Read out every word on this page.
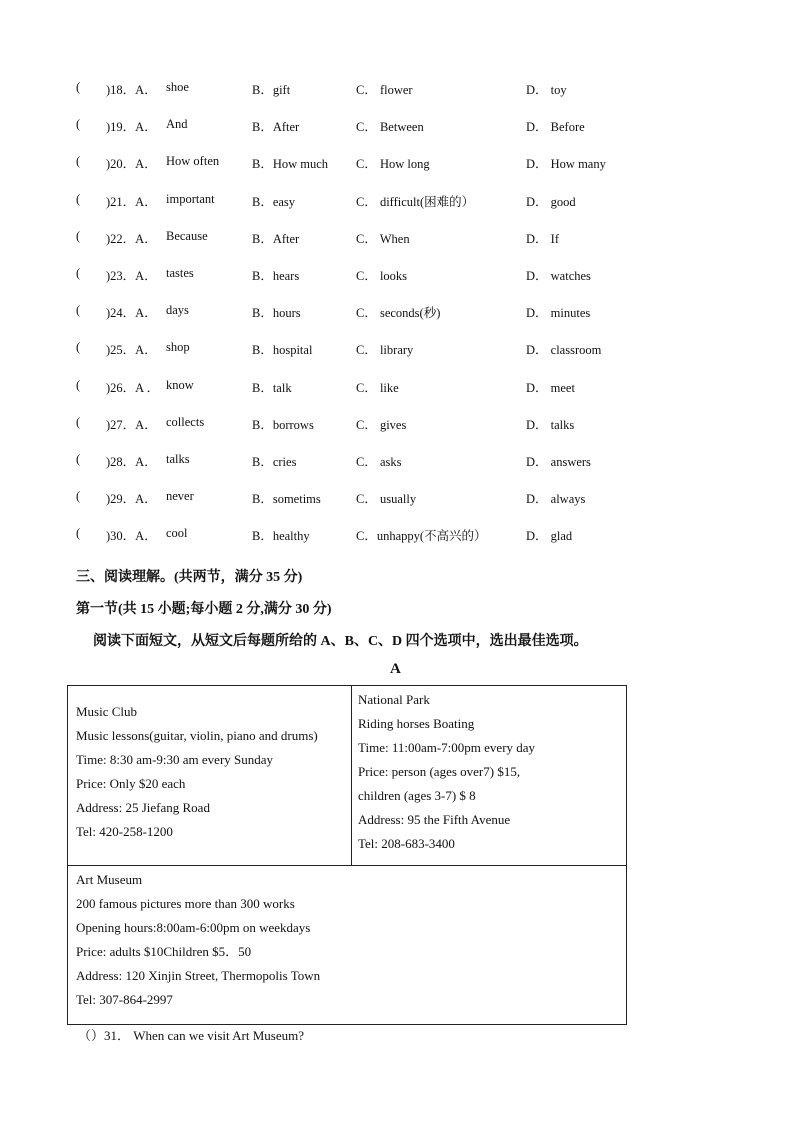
( )18．A． shoe	B．gift	C． flower	D． toy
( )19．A． And	B．After	C． Between	D． Before
( )20．A． How often	B．How much C． How long	D． How many
( )21．A． important	B．easy	C． difficult(困难的）	D． good
( )22．A． Because	B．After	C． When	D． If
( )23．A． tastes	B．hears	C． looks	D． watches
( )24．A． days	B．hours	C． seconds(秒)	D． minutes
( )25．A． shop	B．hospital	C． library	D． classroom
( )26．A ． know	B．talk	C． like	D． meet
( )27．A． collects	B．borrows	C． gives	D． talks
( )28．A． talks	B．cries	C． asks	D． answers
( )29．A． never	B．sometims	C． usually	D． always
( )30．A． cool	B．healthy	C．unhappy(不高兴的）	D． glad
三、阅读理解。(共两节，满分 35 分)
第一节(共 15 小题;每小题 2 分,满分 30 分)
阅读下面短文，从短文后每题所给的 A、B、C、D 四个选项中，选出最佳选项。
A
Music Club
Music lessons(guitar, violin, piano and drums)
Time: 8:30 am-9:30 am every Sunday
Price: Only $20 each
Address: 25 Jiefang Road
Tel: 420-258-1200
National Park
Riding horses Boating
Time: 11:00am-7:00pm every day
Price: person (ages over7) $15,
children (ages 3-7) $ 8
Address: 95 the Fifth Avenue
Tel: 208-683-3400
Art Museum
200 famous pictures more than 300 works
Opening hours:8:00am-6:00pm on weekdays
Price: adults $10Children $5．50
Address: 120 Xinjin Street, Thermopolis Town
Tel: 307-864-2997
（）31． When can we visit Art Museum?
